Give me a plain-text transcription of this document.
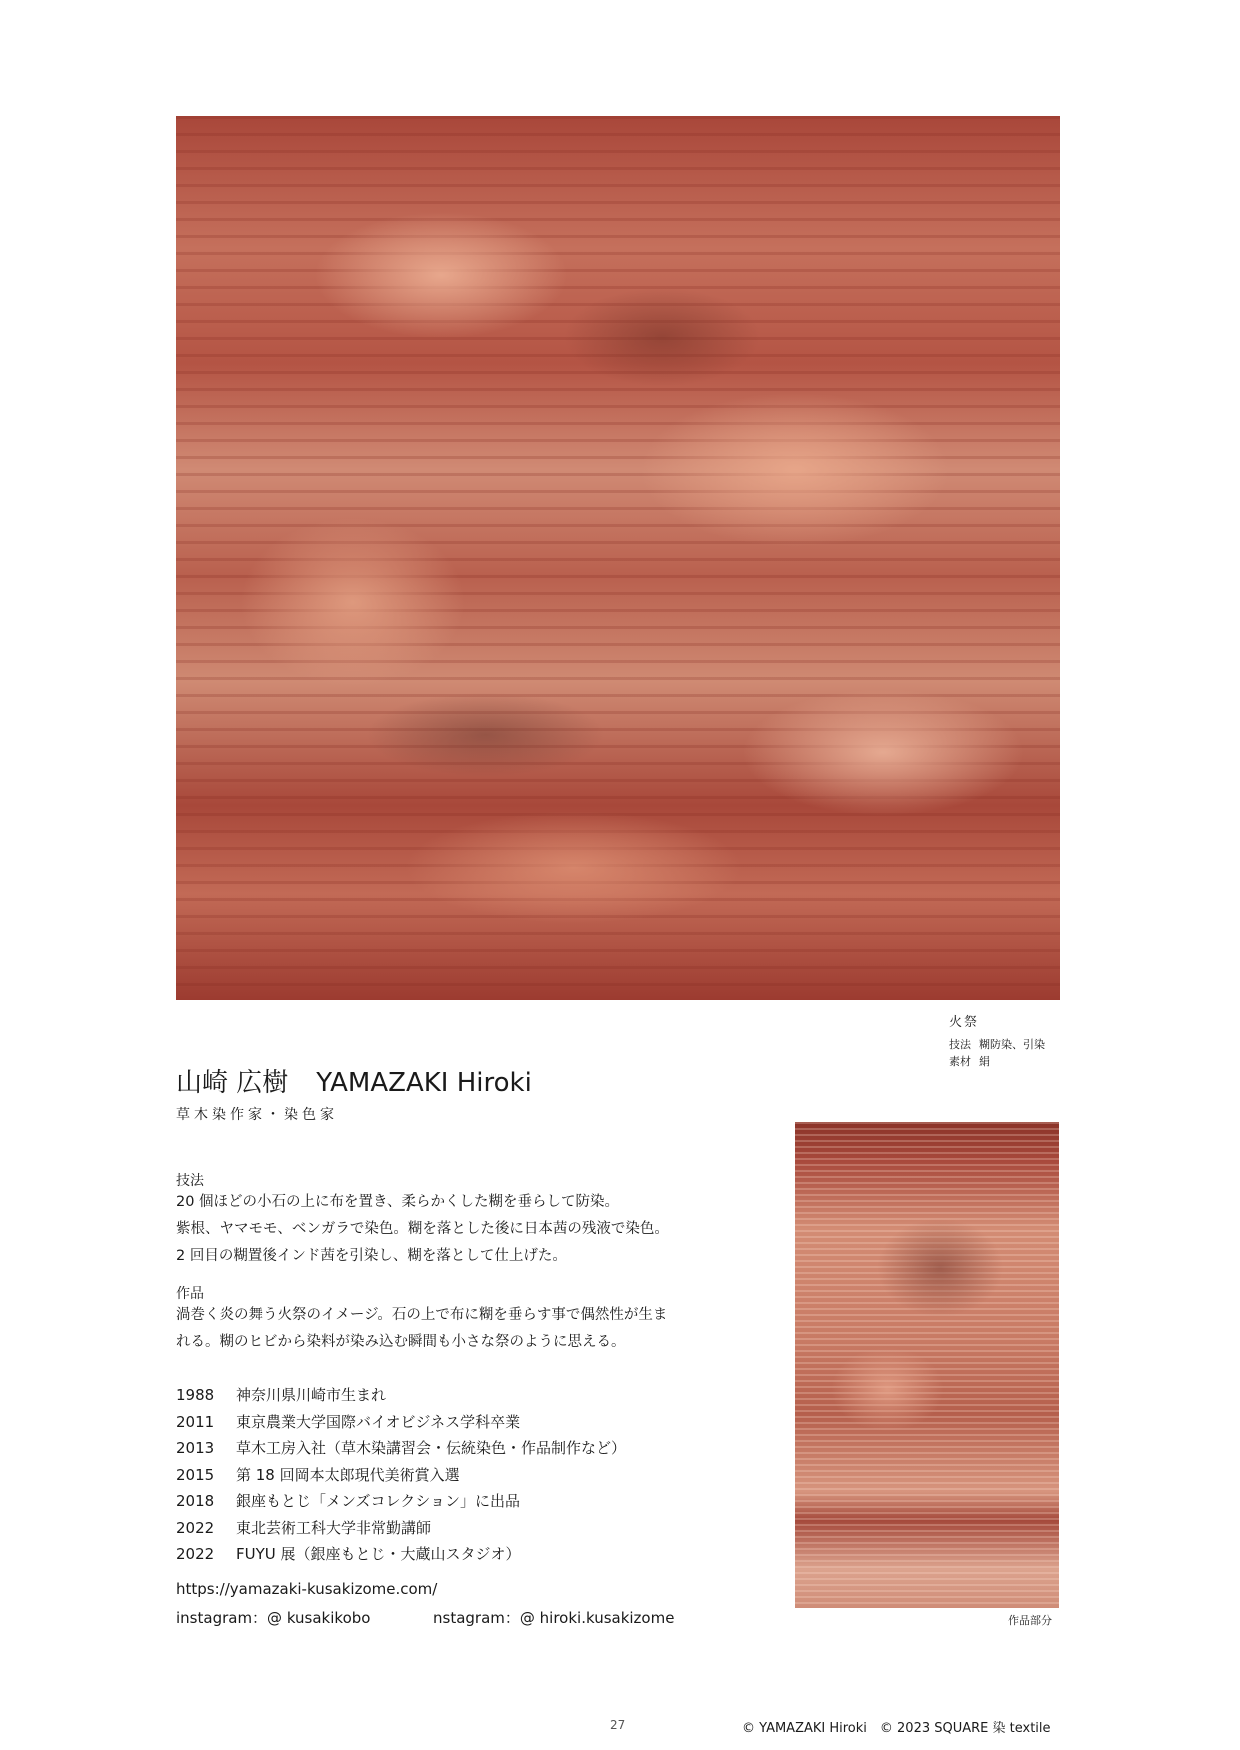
火祭
技法 糊防染、引染
素材 絹
山崎 広樹 YAMAZAKI Hiroki
草木染作家・染色家
技法
20 個ほどの小石の上に布を置き、柔らかくした糊を垂らして防染。
紫根、ヤマモモ、ベンガラで染色。糊を落とした後に日本茜の残液で染色。
2 回目の糊置後インド茜を引染し、糊を落として仕上げた。
作品
渦巻く炎の舞う火祭のイメージ。石の上で布に糊を垂らす事で偶然性が生ま
れる。糊のヒビから染料が染み込む瞬間も小さな祭のように思える。
1988 神奈川県川崎市生まれ
2011 東京農業大学国際バイオビジネス学科卒業
2013 草木工房入社（草木染講習会・伝統染色・作品制作など）
2015 第 18 回岡本太郎現代美術賞入選
2018 銀座もとじ「メンズコレクション」に出品
2022 東北芸術工科大学非常勤講師
2022 FUYU 展（銀座もとじ・大蔵山スタジオ）
https://yamazaki-kusakizome.com/
instagram：@ kusakikobo	nstagram：@ hiroki.kusakizome	作品部分
27	© YAMAZAKI Hiroki　© 2023 SQUARE 染 textile
